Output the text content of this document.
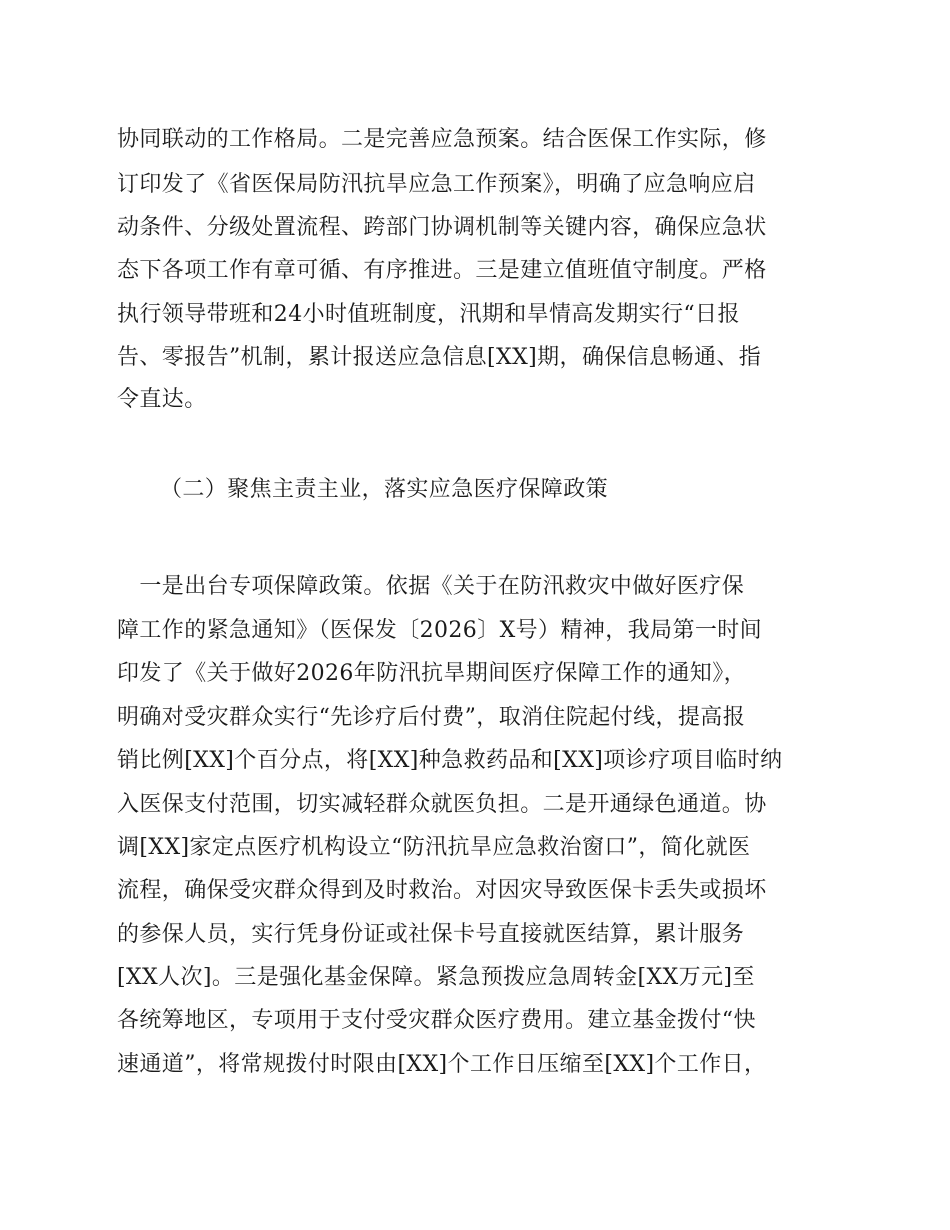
协同联动的工作格局。二是完善应急预案。结合医保工作实际，修
订印发了《省医保局防汛抗旱应急工作预案》，明确了应急响应启
动条件、分级处置流程、跨部门协调机制等关键内容，确保应急状
态下各项工作有章可循、有序推进。三是建立值班值守制度。严格
执行领导带班和24小时值班制度，汛期和旱情高发期实行“日报
告、零报告”机制，累计报送应急信息[XX]期，确保信息畅通、指
令直达。
（二）聚焦主责主业，落实应急医疗保障政策
　一是出台专项保障政策。依据《关于在防汛救灾中做好医疗保
障工作的紧急通知》（医保发〔2026〕X号）精神，我局第一时间
印发了《关于做好2026年防汛抗旱期间医疗保障工作的通知》，
明确对受灾群众实行“先诊疗后付费”，取消住院起付线，提高报
销比例[XX]个百分点，将[XX]种急救药品和[XX]项诊疗项目临时纳
入医保支付范围，切实减轻群众就医负担。二是开通绿色通道。协
调[XX]家定点医疗机构设立“防汛抗旱应急救治窗口”，简化就医
流程，确保受灾群众得到及时救治。对因灾导致医保卡丢失或损坏
的参保人员，实行凭身份证或社保卡号直接就医结算，累计服务
[XX人次]。三是强化基金保障。紧急预拨应急周转金[XX万元]至
各统筹地区，专项用于支付受灾群众医疗费用。建立基金拨付“快
速通道”，将常规拨付时限由[XX]个工作日压缩至[XX]个工作日，
